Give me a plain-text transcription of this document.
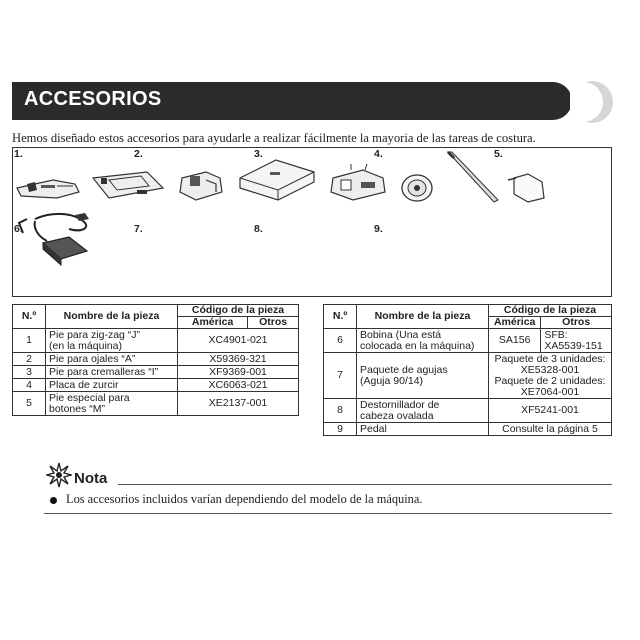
ACCESORIOS
Hemos diseñado estos accesorios para ayudarle a realizar fácilmente la mayoria de las tareas de costura.
1.	2.	3.	4.	5.
6.	7.	8.	9.

N.º	Nombre de la pieza	Código de la pieza	
		América	Otros
1	Pie para zig-zag “J”
(en la máquina)	XC4901-021	
2	Pie para ojales “A”	X59369-321	
3	Pie para cremalleras “I”	XF9369-001	
4	Placa de zurcir	XC6063-021	
5	Pie especial para
botones “M”	XE2137-001	
N.º	Nombre de la pieza	Código de la pieza	
		América	Otros
6	Bobina (Una está
colocada en la máquina)	SA156	SFB:
XA5539-151
7	Paquete de agujas
(Aguja 90/14)	Paquete de 3 unidades:
XE5328-001
Paquete de 2 unidades:
XE7064-001	
8	Destornillador de
cabeza ovalada	XF5241-001	
9	Pedal	Consulte la página 5	
Nota
Los accesorios incluidos varían dependiendo del modelo de la máquina.
